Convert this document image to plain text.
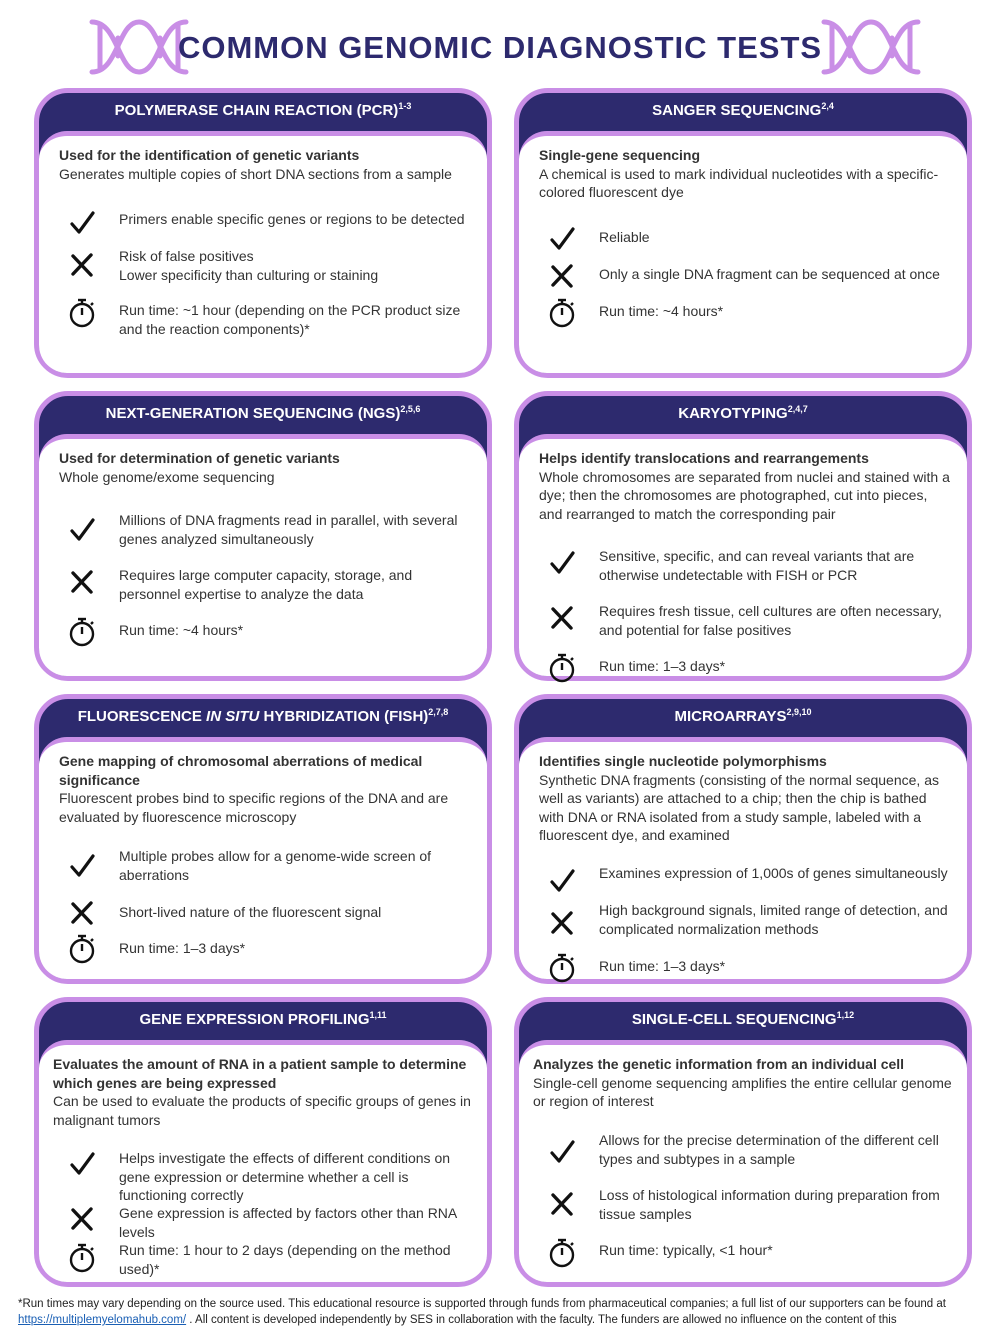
COMMON GENOMIC DIAGNOSTIC TESTS
POLYMERASE CHAIN REACTION (PCR)$^{1-3}$
Used for the identification of genetic variants
Generates multiple copies of short DNA sections from a sample
Primers enable specific genes or regions to be detected
Risk of false positives
Lower specificity than culturing or staining
Run time: ~1 hour (depending on the PCR product size and the reaction components)*
SANGER SEQUENCING$^{2,4}$
Single-gene sequencing
A chemical is used to mark individual nucleotides with a specific-colored fluorescent dye
Reliable
Only a single DNA fragment can be sequenced at once
Run time: ~4 hours*
NEXT-GENERATION SEQUENCING (NGS)$^{2,5,6}$
Used for determination of genetic variants
Whole genome/exome sequencing
Millions of DNA fragments read in parallel, with several genes analyzed simultaneously
Requires large computer capacity, storage, and personnel expertise to analyze the data
Run time: ~4 hours*
KARYOTYPING$^{2,4,7}$
Helps identify translocations and rearrangements
Whole chromosomes are separated from nuclei and stained with a dye; then the chromosomes are photographed, cut into pieces, and rearranged to match the corresponding pair
Sensitive, specific, and can reveal variants that are otherwise undetectable with FISH or PCR
Requires fresh tissue, cell cultures are often necessary, and potential for false positives
Run time: 1–3 days*
FLUORESCENCE IN SITU HYBRIDIZATION (FISH)$^{2,7,8}$
Gene mapping of chromosomal aberrations of medical significance
Fluorescent probes bind to specific regions of the DNA and are evaluated by fluorescence microscopy
Multiple probes allow for a genome-wide screen of aberrations
Short-lived nature of the fluorescent signal
Run time: 1–3 days*
MICROARRAYS$^{2,9,10}$
Identifies single nucleotide polymorphisms
Synthetic DNA fragments (consisting of the normal sequence, as well as variants) are attached to a chip; then the chip is bathed with DNA or RNA isolated from a study sample, labeled with a fluorescent dye, and examined
Examines expression of 1,000s of genes simultaneously
High background signals, limited range of detection, and complicated normalization methods
Run time: 1–3 days*
GENE EXPRESSION PROFILING$^{1,11}$
Evaluates the amount of RNA in a patient sample to determine which genes are being expressed
Can be used to evaluate the products of specific groups of genes in malignant tumors
Helps investigate the effects of different conditions on gene expression or determine whether a cell is functioning correctly
Gene expression is affected by factors other than RNA levels
Run time: 1 hour to 2 days (depending on the method used)*
SINGLE-CELL SEQUENCING$^{1,12}$
Analyzes the genetic information from an individual cell
Single-cell genome sequencing amplifies the entire cellular genome or region of interest
Allows for the precise determination of the different cell types and subtypes in a sample
Loss of histological information during preparation from tissue samples
Run time: typically, <1 hour*
*Run times may vary depending on the source used. This educational resource is supported through funds from pharmaceutical companies; a full list of our supporters can be found at https://multiplemyelomahub.com/ . All content is developed independently by SES in collaboration with the faculty. The funders are allowed no influence on the content of this
